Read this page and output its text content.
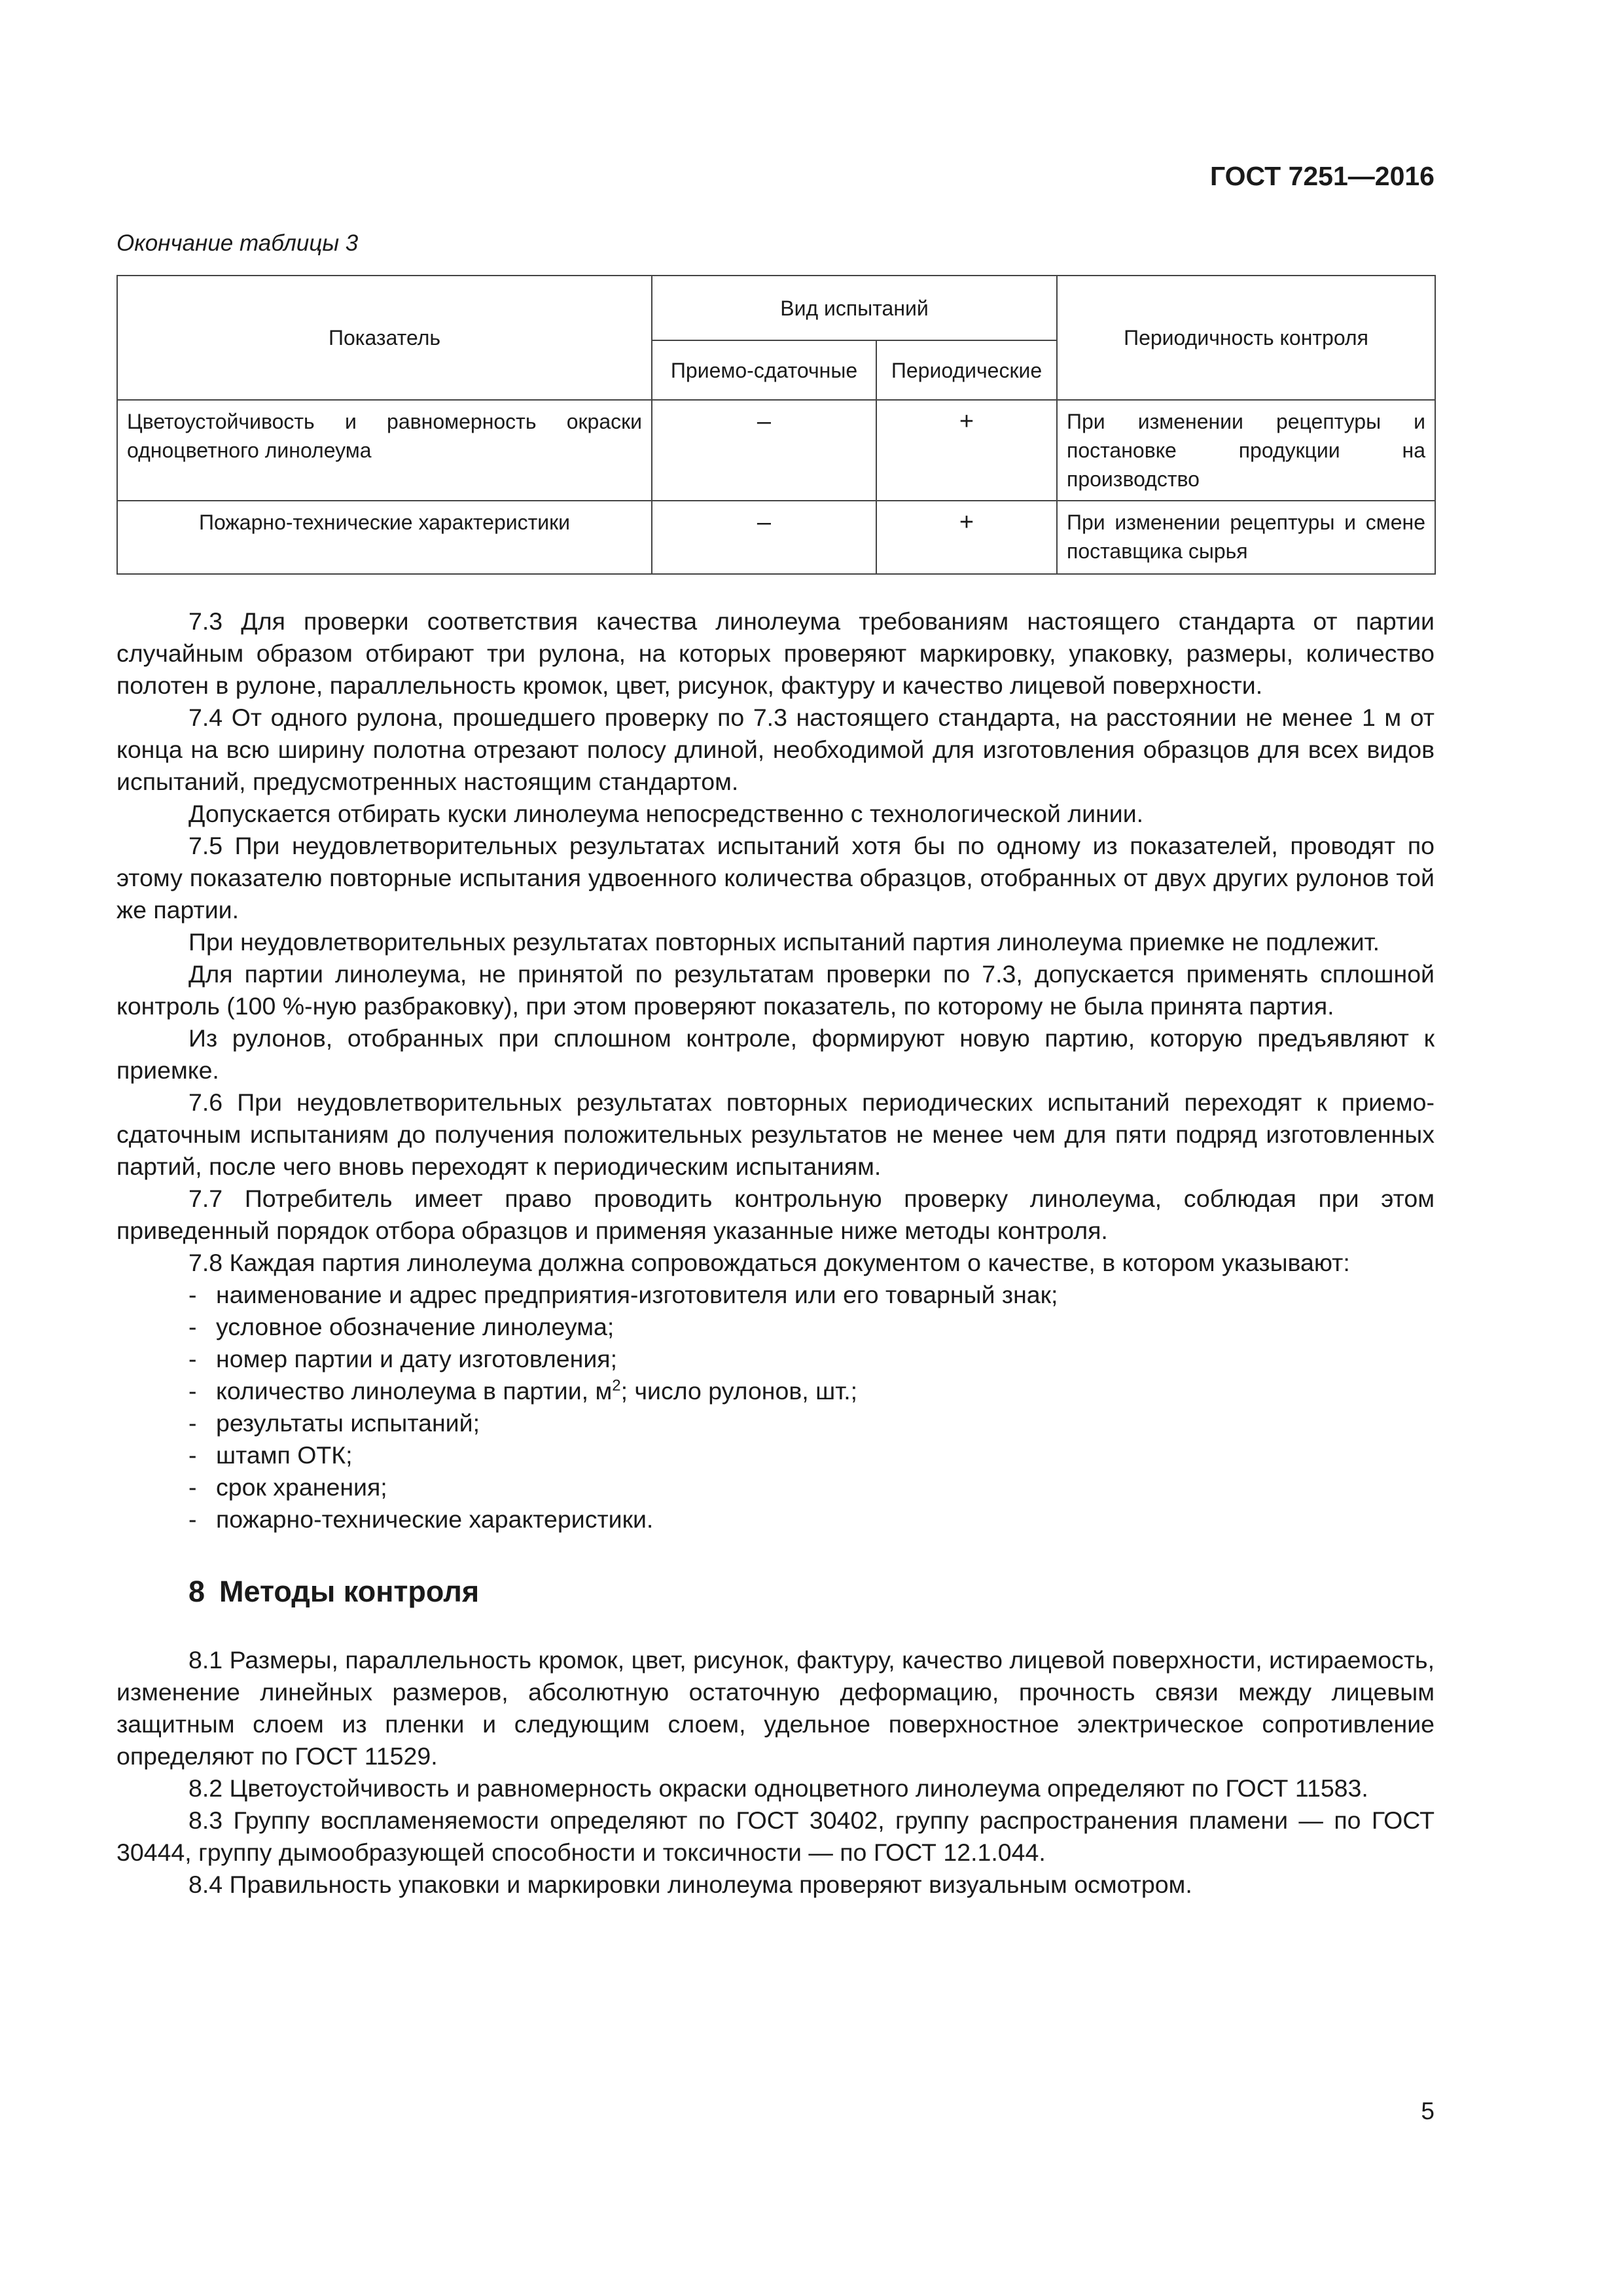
ГОСТ 7251—2016
Окончание таблицы 3
Показатель	Вид испытаний		Периодичность контроля
	Приемо-сдаточные	Периодические	
Цветоустойчивость и равномерность окраски одноцветного линолеума	–	+	При изменении рецептуры и постановке продукции на производство
Пожарно-технические характеристики	–	+	При изменении рецептуры и смене поставщика сырья

7.3 Для проверки соответствия качества линолеума требованиям настоящего стандарта от партии случайным образом отбирают три рулона, на которых проверяют маркировку, упаковку, размеры, количество полотен в рулоне, параллельность кромок, цвет, рисунок, фактуру и качество лицевой поверхности.

7.4 От одного рулона, прошедшего проверку по 7.3 настоящего стандарта, на расстоянии не менее 1 м от конца на всю ширину полотна отрезают полосу длиной, необходимой для изготовления образцов для всех видов испытаний, предусмотренных настоящим стандартом.

Допускается отбирать куски линолеума непосредственно с технологической линии.

7.5 При неудовлетворительных результатах испытаний хотя бы по одному из показателей, проводят по этому показателю повторные испытания удвоенного количества образцов, отобранных от двух других рулонов той же партии.

При неудовлетворительных результатах повторных испытаний партия линолеума приемке не подлежит.

Для партии линолеума, не принятой по результатам проверки по 7.3, допускается применять сплошной контроль (100 %-ную разбраковку), при этом проверяют показатель, по которому не была принята партия.

Из рулонов, отобранных при сплошном контроле, формируют новую партию, которую предъявляют к приемке.

7.6 При неудовлетворительных результатах повторных периодических испытаний переходят к приемо-сдаточным испытаниям до получения положительных результатов не менее чем для пяти подряд изготовленных партий, после чего вновь переходят к периодическим испытаниям.

7.7 Потребитель имеет право проводить контрольную проверку линолеума, соблюдая при этом приведенный порядок отбора образцов и применяя указанные ниже методы контроля.

7.8 Каждая партия линолеума должна сопровождаться документом о качестве, в котором указывают:

- наименование и адрес предприятия-изготовителя или его товарный знак;
- условное обозначение линолеума;
- номер партии и дату изготовления;
- количество линолеума в партии, $м^2$; число рулонов, шт.;
- результаты испытаний;
- штамп ОТК;
- срок хранения;
- пожарно-технические характеристики.
8 Методы контроля

8.1 Размеры, параллельность кромок, цвет, рисунок, фактуру, качество лицевой поверхности, истираемость, изменение линейных размеров, абсолютную остаточную деформацию, прочность связи между лицевым защитным слоем из пленки и следующим слоем, удельное поверхностное электрическое сопротивление определяют по ГОСТ 11529.

8.2 Цветоустойчивость и равномерность окраски одноцветного линолеума определяют по ГОСТ 11583.

8.3 Группу воспламеняемости определяют по ГОСТ 30402, группу распространения пламени — по ГОСТ 30444, группу дымообразующей способности и токсичности — по ГОСТ 12.1.044.

8.4 Правильность упаковки и маркировки линолеума проверяют визуальным осмотром.

5
